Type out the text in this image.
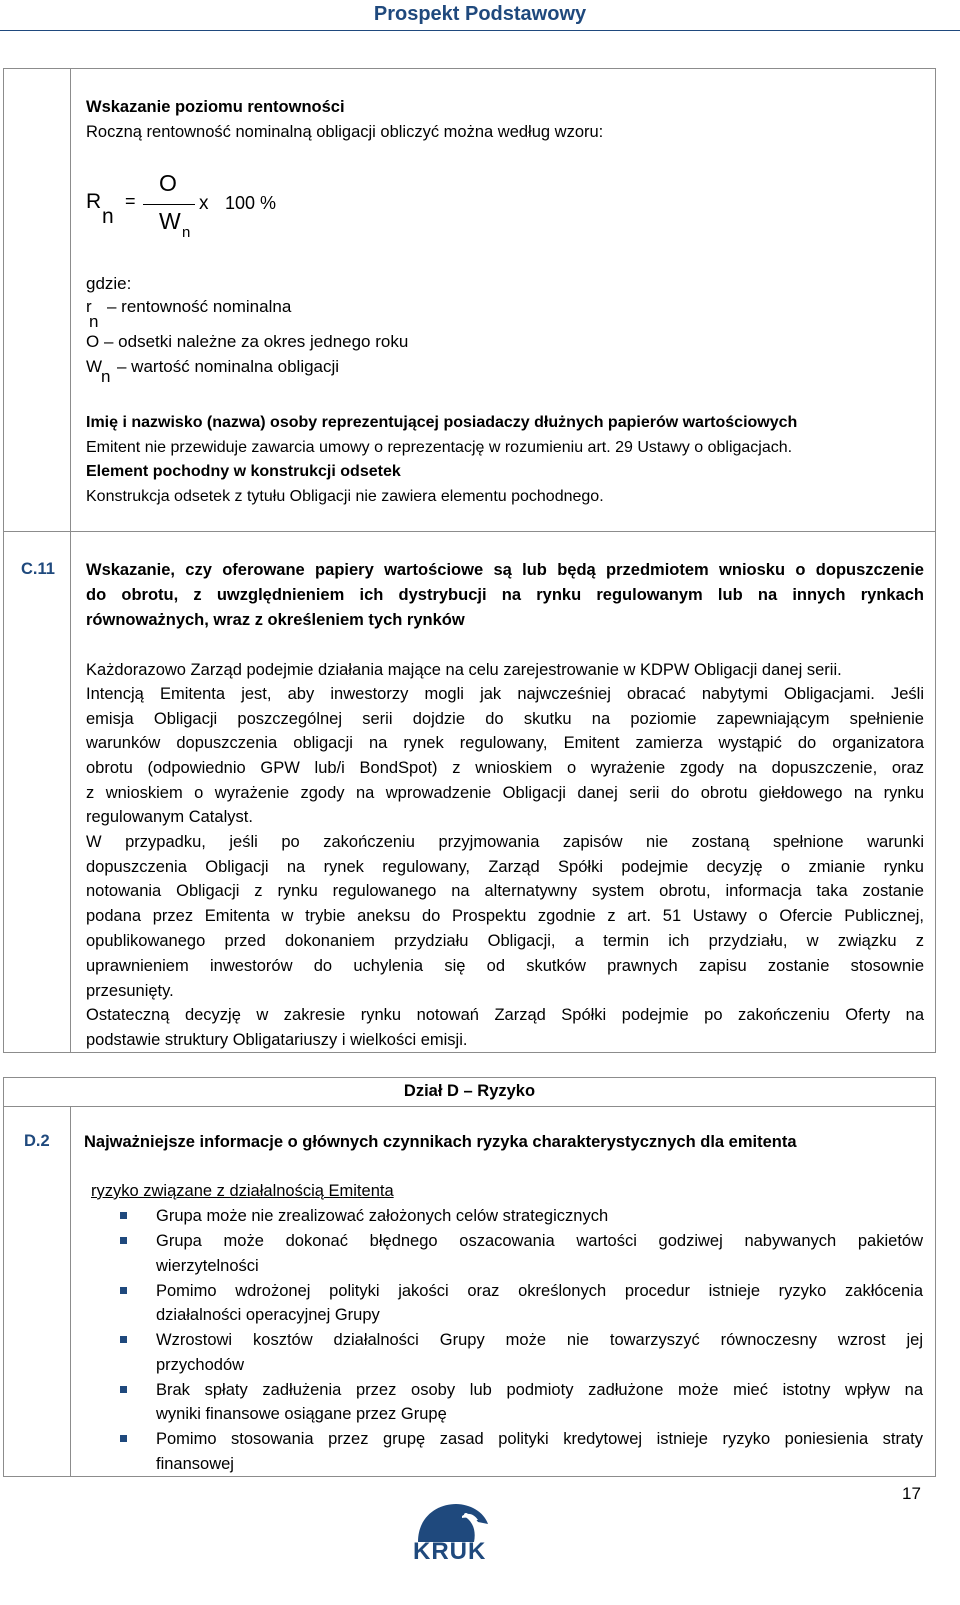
Prospekt Podstawowy
Wskazanie poziomu rentowności
Roczną rentowność nominalną obligacji obliczyć można według wzoru:
R
n
=
O
W n
x 100 %
gdzie:
r
n
– rentowność nominalna
O – odsetki należne za okres jednego roku
W
n
– wartość nominalna obligacji
Imię i nazwisko (nazwa) osoby reprezentującej posiadaczy dłużnych papierów wartościowych
Emitent nie przewiduje zawarcia umowy o reprezentację w rozumieniu art. 29 Ustawy o obligacjach.
Element pochodny w konstrukcji odsetek
Konstrukcja odsetek z tytułu Obligacji nie zawiera elementu pochodnego.
C.11 Wskazanie, czy oferowane papiery wartościowe są lub będą przedmiotem wniosku o dopuszczenie
do obrotu, z uwzględnieniem ich dystrybucji na rynku regulowanym lub na innych rynkach
równoważnych, wraz z określeniem tych rynków
Każdorazowo Zarząd podejmie działania mające na celu zarejestrowanie w KDPW Obligacji danej serii.
Intencją Emitenta jest, aby inwestorzy mogli jak najwcześniej obracać nabytymi Obligacjami. Jeśli
emisja Obligacji poszczególnej serii dojdzie do skutku na poziomie zapewniającym spełnienie
warunków dopuszczenia obligacji na rynek regulowany, Emitent zamierza wystąpić do organizatora
obrotu (odpowiednio GPW lub/i BondSpot) z wnioskiem o wyrażenie zgody na dopuszczenie, oraz
z wnioskiem o wyrażenie zgody na wprowadzenie Obligacji danej serii do obrotu giełdowego na rynku
regulowanym Catalyst.
W przypadku, jeśli po zakończeniu przyjmowania zapisów nie zostaną spełnione warunki
dopuszczenia Obligacji na rynek regulowany, Zarząd Spółki podejmie decyzję o zmianie rynku
notowania Obligacji z rynku regulowanego na alternatywny system obrotu, informacja taka zostanie
podana przez Emitenta w trybie aneksu do Prospektu zgodnie z art. 51 Ustawy o Ofercie Publicznej,
opublikowanego przed dokonaniem przydziału Obligacji, a termin ich przydziału, w związku z
uprawnieniem inwestorów do uchylenia się od skutków prawnych zapisu zostanie stosownie
przesunięty.
Ostateczną decyzję w zakresie rynku notowań Zarząd Spółki podejmie po zakończeniu Oferty na
podstawie struktury Obligatariuszy i wielkości emisji.
Dział D – Ryzyko
D.2 Najważniejsze informacje o głównych czynnikach ryzyka charakterystycznych dla emitenta
ryzyko związane z działalnością Emitenta
Grupa może nie zrealizować założonych celów strategicznych
Grupa może dokonać błędnego oszacowania wartości godziwej nabywanych pakietów
wierzytelności
Pomimo wdrożonej polityki jakości oraz określonych procedur istnieje ryzyko zakłócenia
działalności operacyjnej Grupy
Wzrostowi kosztów działalności Grupy może nie towarzyszyć równoczesny wzrost jej
przychodów
Brak spłaty zadłużenia przez osoby lub podmioty zadłużone może mieć istotny wpływ na
wyniki finansowe osiągane przez Grupę
Pomimo stosowania przez grupę zasad polityki kredytowej istnieje ryzyko poniesienia straty
finansowej
17
KRUK
